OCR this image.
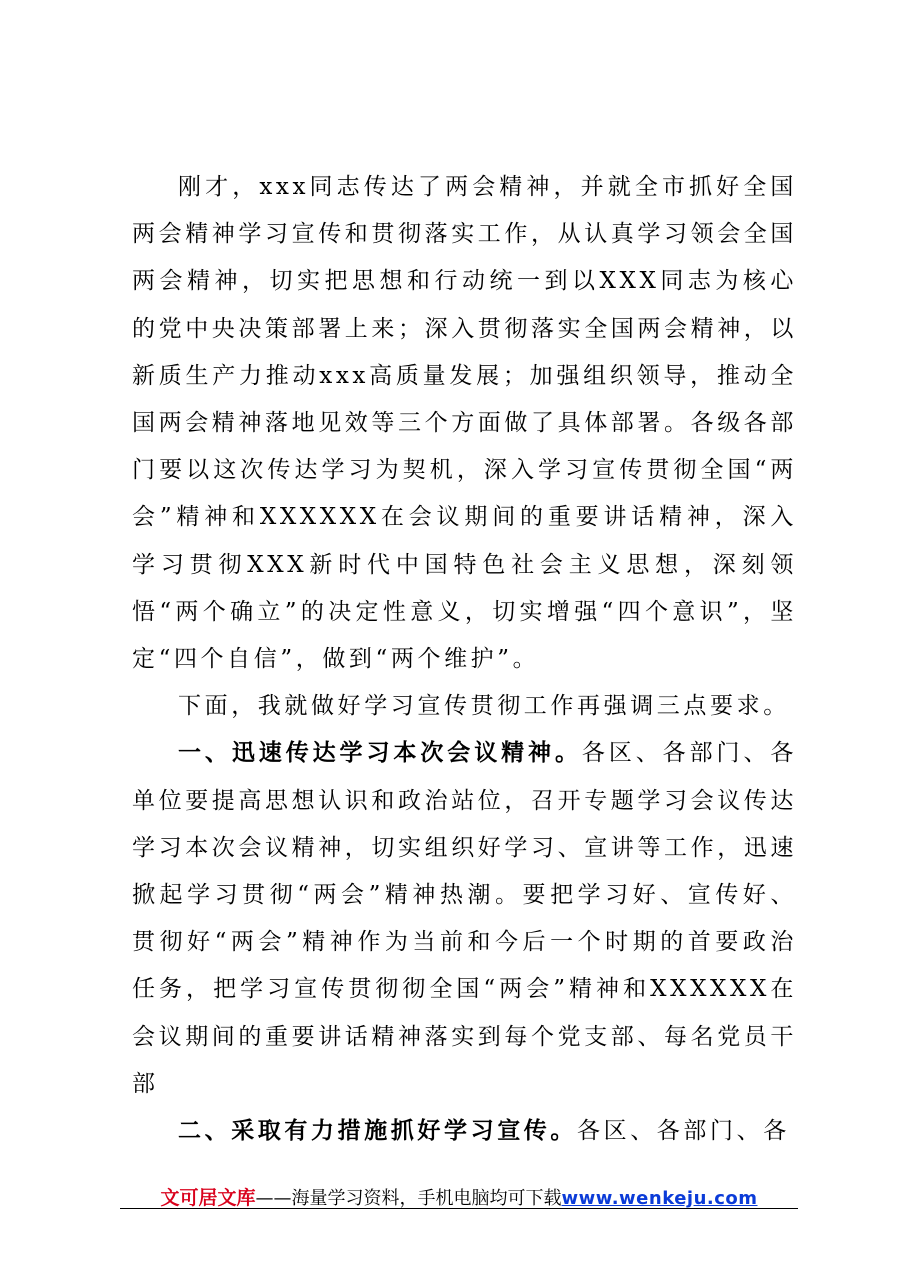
刚才，xxx同志传达了两会精神，并就全市抓好全国两会精神学习宣传和贯彻落实工作，从认真学习领会全国两会精神，切实把思想和行动统一到以XXX同志为核心的党中央决策部署上来；深入贯彻落实全国两会精神，以新质生产力推动xxx高质量发展；加强组织领导，推动全国两会精神落地见效等三个方面做了具体部署。各级各部门要以这次传达学习为契机，深入学习宣传贯彻全国“两会”精神和XXXXXX在会议期间的重要讲话精神，深入学习贯彻XXX新时代中国特色社会主义思想，深刻领悟“两个确立”的决定性意义，切实增强“四个意识”，坚定“四个自信”，做到“两个维护”。

下面，我就做好学习宣传贯彻工作再强调三点要求。

一、迅速传达学习本次会议精神。各区、各部门、各单位要提高思想认识和政治站位，召开专题学习会议传达学习本次会议精神，切实组织好学习、宣讲等工作，迅速掀起学习贯彻“两会”精神热潮。要把学习好、宣传好、贯彻好“两会”精神作为当前和今后一个时期的首要政治任务，把学习宣传贯彻彻全国“两会”精神和XXXXXX在会议期间的重要讲话精神落实到每个党支部、每名党员干部

二、采取有力措施抓好学习宣传。各区、各部门、各

文可居文库——海量学习资料，手机电脑均可下载www.wenkeju.com
